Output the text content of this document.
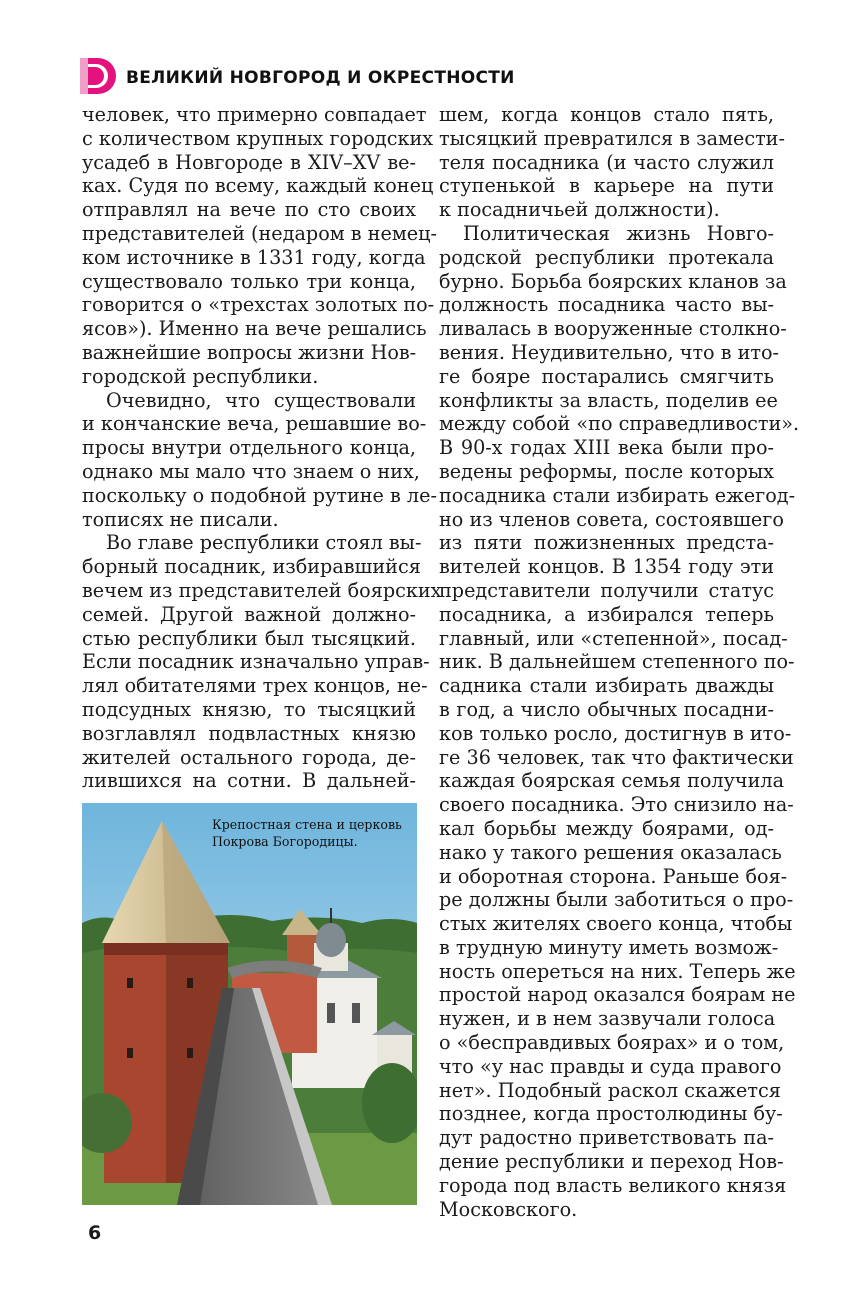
ВЕЛИКИЙ НОВГОРОД И ОКРЕСТНОСТИ
человек, что примерно совпадает
с количеством крупных городских
усадеб в Новгороде в XIV–XV ве-
ках. Судя по всему, каждый конец
отправлял на вече по сто своих
представителей (недаром в немец-
ком источнике в 1331 году, когда
существовало только три конца,
говорится о «трехстах золотых по-
ясов»). Именно на вече решались
важнейшие вопросы жизни Нов-
городской республики.
Очевидно, что существовали
и кончанские веча, решавшие во-
просы внутри отдельного конца,
однако мы мало что знаем о них,
поскольку о подобной рутине в ле-
тописях не писали.
Во главе республики стоял вы-
борный посадник, избиравшийся
вечем из представителей боярских
семей. Другой важной должно-
стью республики был тысяцкий.
Если посадник изначально управ-
лял обитателями трех концов, не-
подсудных князю, то тысяцкий
возглавлял подвластных князю
жителей остального города, де-
лившихся на сотни. В дальней-
шем, когда концов стало пять,
тысяцкий превратился в замести-
теля посадника (и часто служил
ступенькой в карьере на пути
к посадничьей должности).
Политическая жизнь Новго-
родской республики протекала
бурно. Борьба боярских кланов за
должность посадника часто вы-
ливалась в вооруженные столкно-
вения. Неудивительно, что в ито-
ге бояре постарались смягчить
конфликты за власть, поделив ее
между собой «по справедливости».
В 90-х годах XIII века были про-
ведены реформы, после которых
посадника стали избирать ежегод-
но из членов совета, состоявшего
из пяти пожизненных предста-
вителей концов. В 1354 году эти
представители получили статус
посадника, а избирался теперь
главный, или «степенной», посад-
ник. В дальнейшем степенного по-
садника стали избирать дважды
в год, а число обычных посадни-
ков только росло, достигнув в ито-
ге 36 человек, так что фактически
каждая боярская семья получила
своего посадника. Это снизило на-
кал борьбы между боярами, од-
нако у такого решения оказалась
и оборотная сторона. Раньше боя-
ре должны были заботиться о про-
стых жителях своего конца, чтобы
в трудную минуту иметь возмож-
ность опереться на них. Теперь же
простой народ оказался боярам не
нужен, и в нем зазвучали голоса
о «бесправдивых боярах» и о том,
что «у нас правды и суда правого
нет». Подобный раскол скажется
позднее, когда простолюдины бу-
дут радостно приветствовать па-
дение республики и переход Нов-
города под власть великого князя
Московского.
Крепостная стена и церковь
Покрова Богородицы.
6
